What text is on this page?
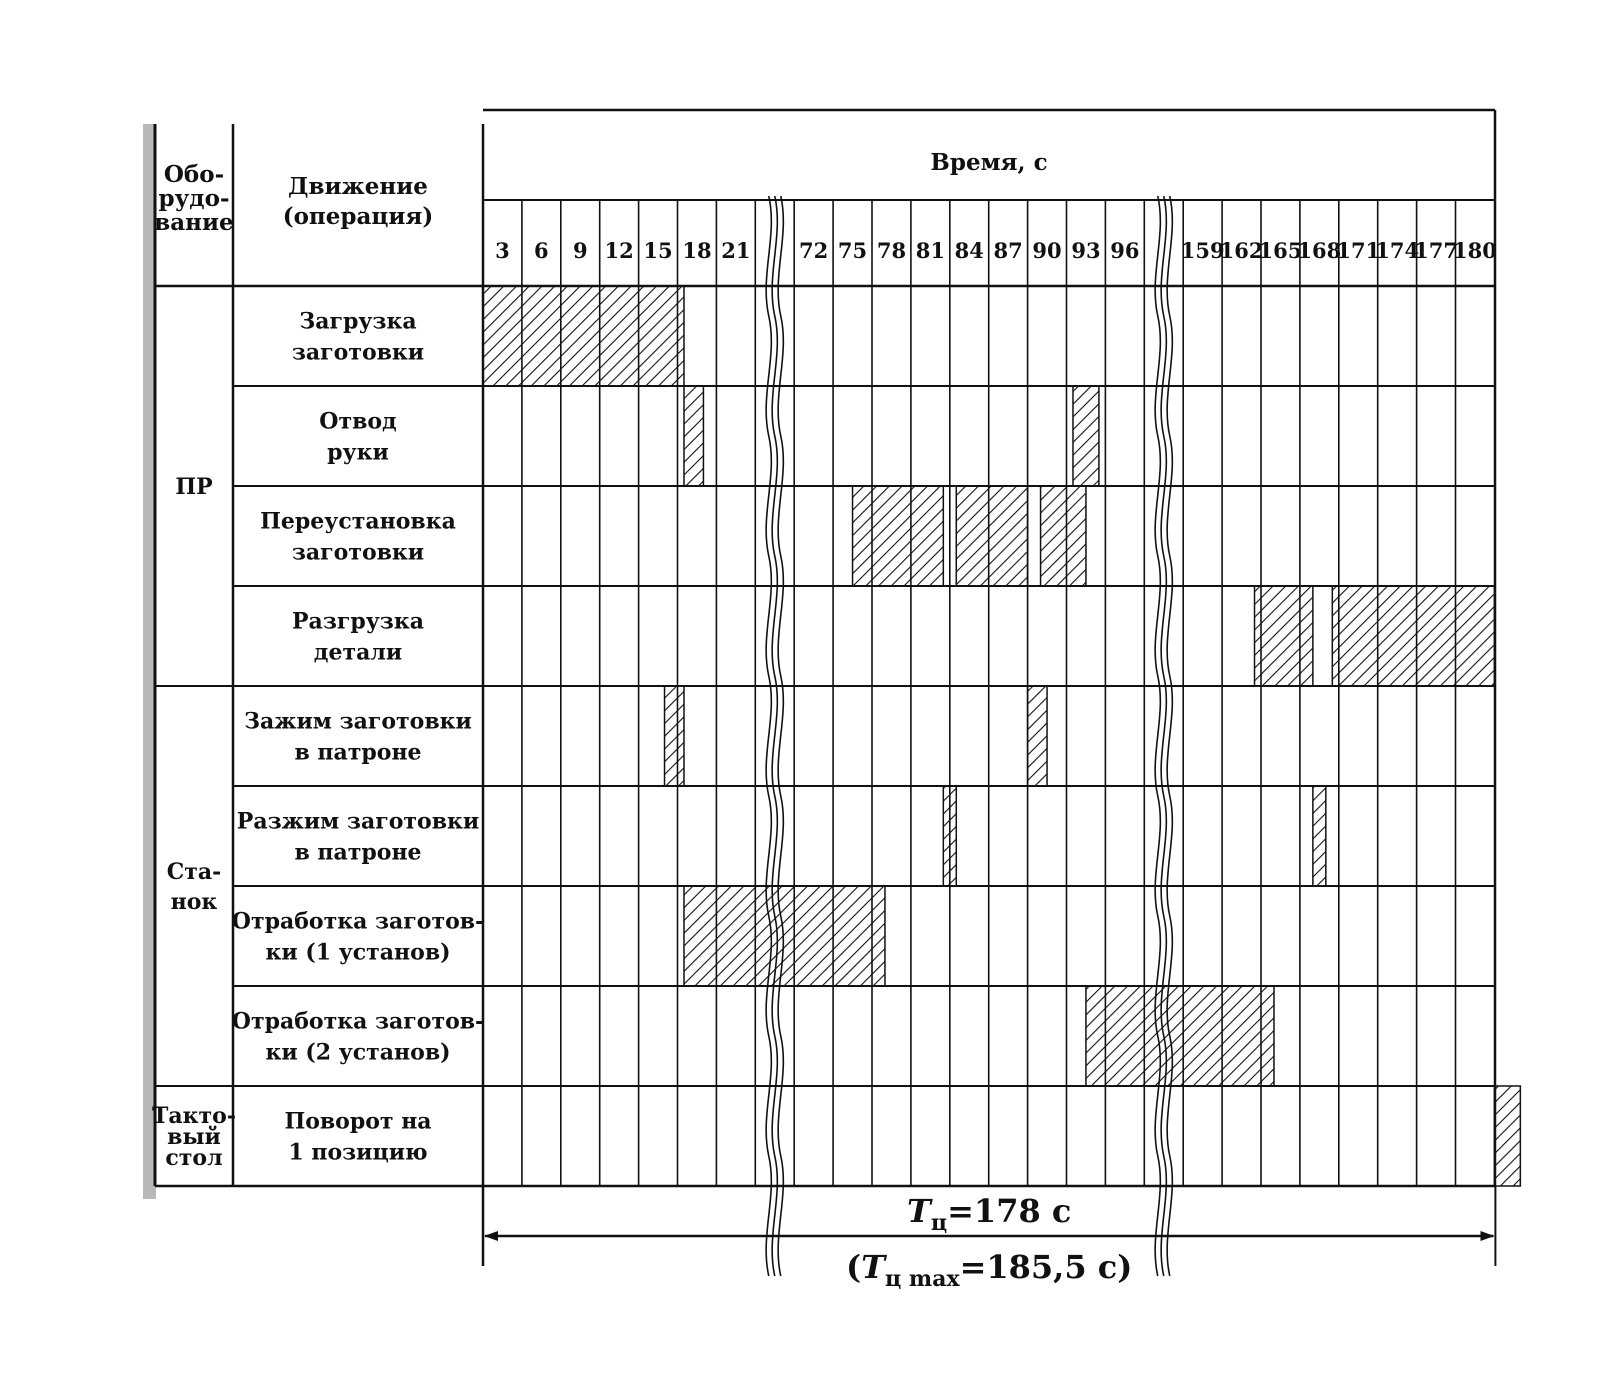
Обо-
рудо-
вание
Движение
(операция)
Время, с
3 6 9 12 15 18 21 72 75 78 81 84 87 90 93 96 159
162
165
168
171
174
177
180
Загрузка
заготовки
Отвод
руки
Переустановка
заготовки
Разгрузка
детали
Зажим заготовки
в патроне
Разжим заготовки
в патроне
Отработка заготов-
ки (1 установ)
Отработка заготов-
ки (2 установ)
Поворот на
1 позицию
ПР
Ста-
нок
Такто-
вый
стол
$T_ц=178$ с
($T_{ц max}=185,5$ с)
